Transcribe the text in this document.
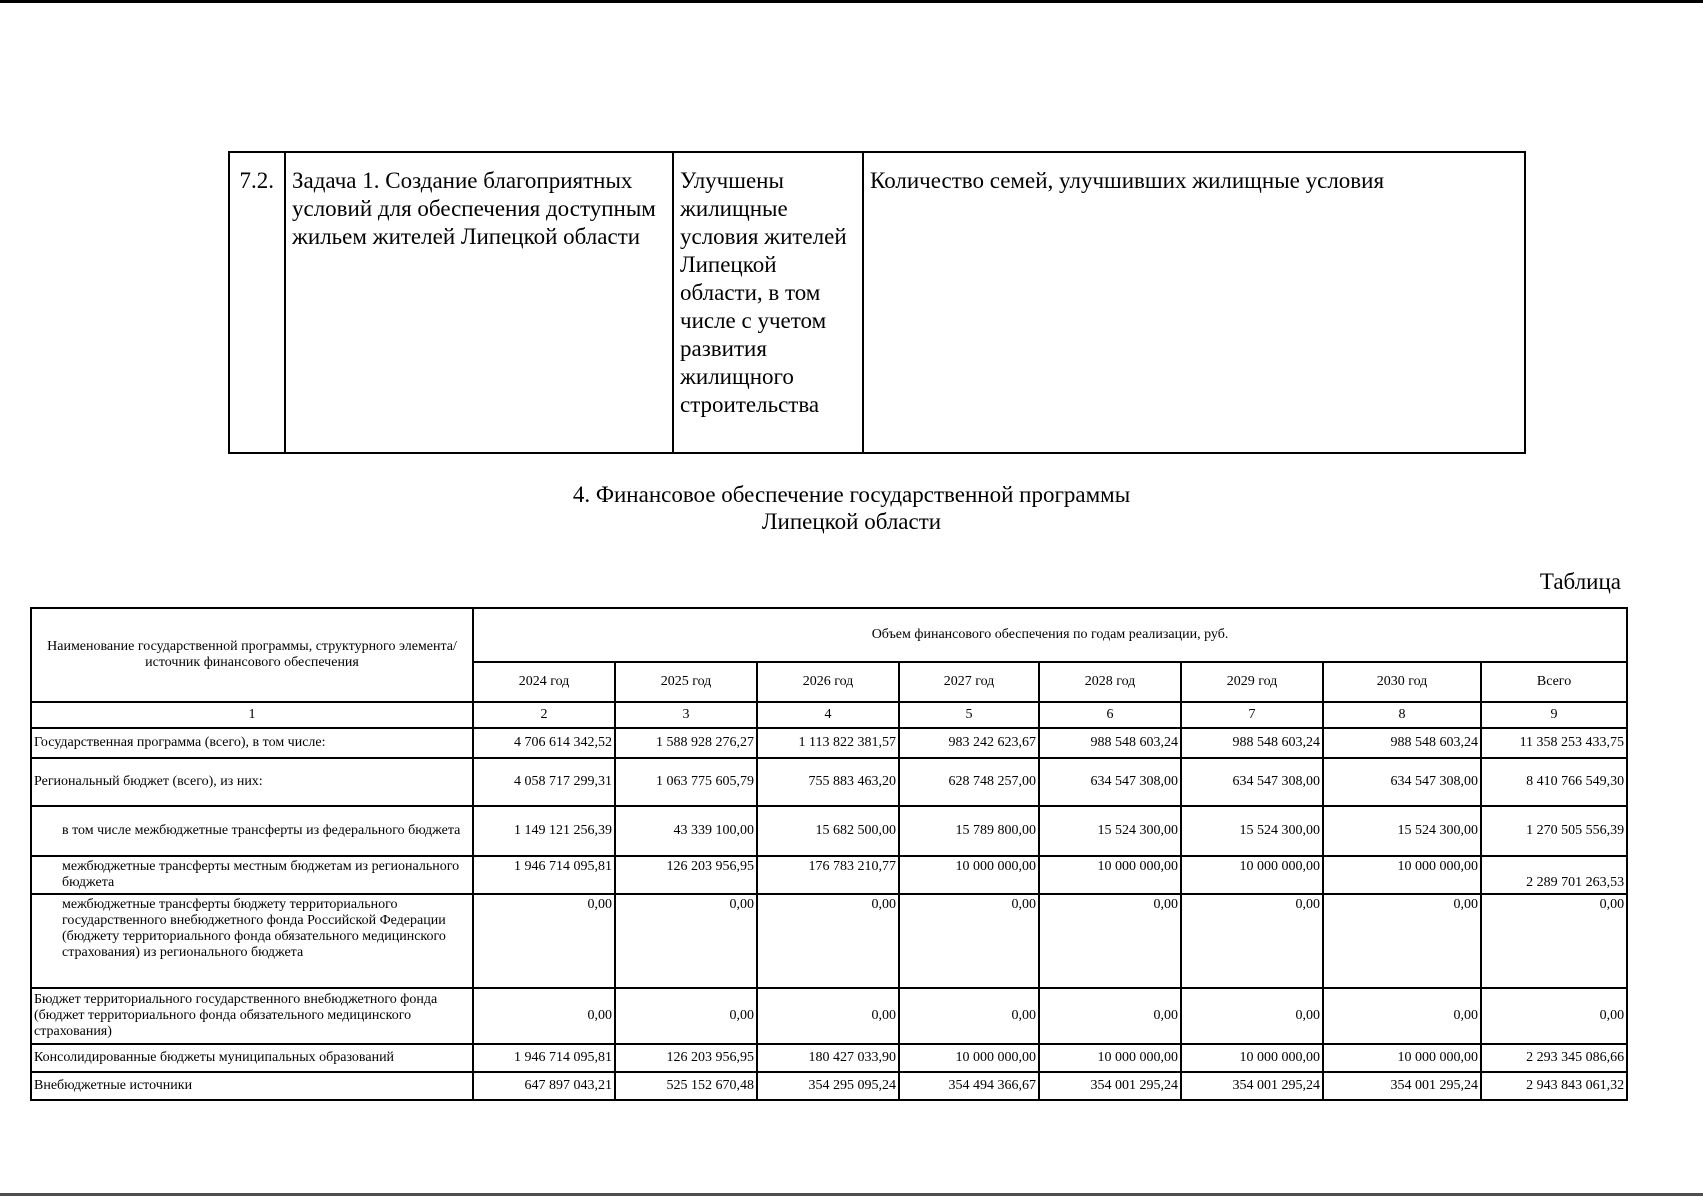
7.2.	Задача 1. Создание благоприятных условий для обеспечения доступным жильем жителей Липецкой области	Улучшены жилищные условия жителей Липецкой области, в том числе с учетом развития жилищного строительства	Количество семей, улучшивших жилищные условия
4. Финансовое обеспечение государственной программы
Липецкой области
Таблица
Наименование государственной программы, структурного элемента/источник финансового обеспечения	Объем финансового обеспечения по годам реализации, руб.							
	2024 год	2025 год	2026 год	2027 год	2028 год	2029 год	2030 год	Всего
1	2	3	4	5	6	7	8	9
Государственная программа (всего), в том числе:	4 706 614 342,52	1 588 928 276,27	1 113 822 381,57	983 242 623,67	988 548 603,24	988 548 603,24	988 548 603,24	11 358 253 433,75
Региональный бюджет (всего), из них:	4 058 717 299,31	1 063 775 605,79	755 883 463,20	628 748 257,00	634 547 308,00	634 547 308,00	634 547 308,00	8 410 766 549,30
в том числе межбюджетные трансферты из федерального бюджета	1 149 121 256,39	43 339 100,00	15 682 500,00	15 789 800,00	15 524 300,00	15 524 300,00	15 524 300,00	1 270 505 556,39
межбюджетные трансферты местным бюджетам из регионального бюджета	1 946 714 095,81	126 203 956,95	176 783 210,77	10 000 000,00	10 000 000,00	10 000 000,00	10 000 000,00	2 289 701 263,53
межбюджетные трансферты бюджету территориального государственного внебюджетного фонда Российской Федерации (бюджету территориального фонда обязательного медицинского страхования) из регионального бюджета	0,00	0,00	0,00	0,00	0,00	0,00	0,00	0,00
Бюджет территориального государственного внебюджетного фонда (бюджет территориального фонда обязательного медицинского страхования)	0,00	0,00	0,00	0,00	0,00	0,00	0,00	0,00
Консолидированные бюджеты муниципальных образований	1 946 714 095,81	126 203 956,95	180 427 033,90	10 000 000,00	10 000 000,00	10 000 000,00	10 000 000,00	2 293 345 086,66
Внебюджетные источники	647 897 043,21	525 152 670,48	354 295 095,24	354 494 366,67	354 001 295,24	354 001 295,24	354 001 295,24	2 943 843 061,32
